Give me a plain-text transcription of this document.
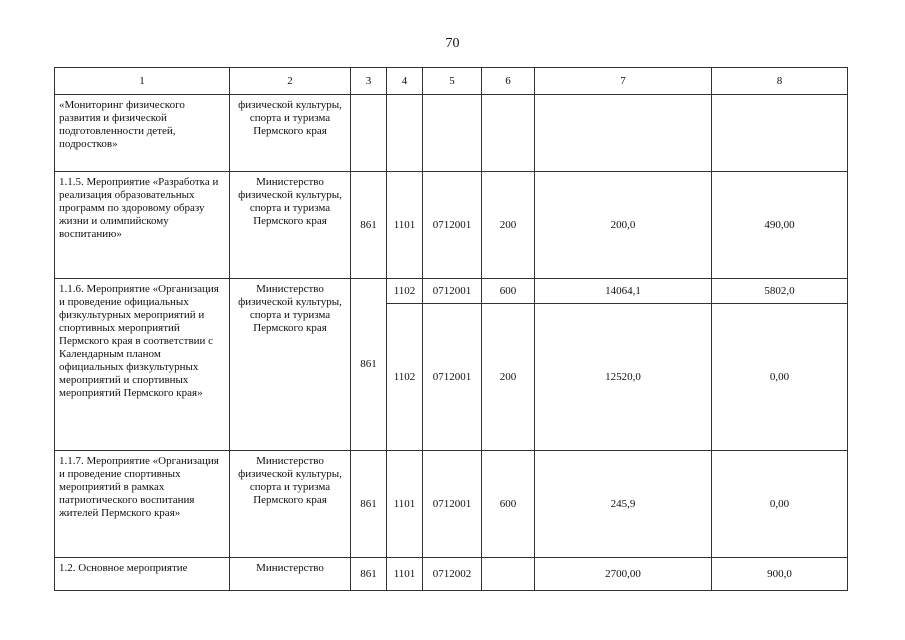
70
1	2	3	4	5	6	7	8
«Мониторинг физического развития и физической подготовленности детей, подростков»	физической культуры, спорта и туризма Пермского края						

1.1.5. Мероприятие «Разработка и реализация образовательных программ по здоровому образу жизни и олимпийскому воспитанию»	Министерство физической культуры, спорта и туризма Пермского края	861	1101	0712001	200	200,0	490,00
1.1.6. Мероприятие «Организация и проведение официальных физкультурных мероприятий и спортивных мероприятий Пермского края в соответствии с Календарным планом официальных физкультурных мероприятий и спортивных мероприятий Пермского края»	Министерство физической культуры, спорта и туризма Пермского края	861	1102	0712001	600	14064,1	5802,0
			1102	0712001	200	12520,0	0,00
1.1.7. Мероприятие «Организация и проведение спортивных мероприятий в рамках патриотического воспитания жителей Пермского края»	Министерство физической культуры, спорта и туризма Пермского края	861	1101	0712001	600	245,9	0,00
1.2. Основное мероприятие	Министерство	861	1101	0712002		2700,00	900,0
